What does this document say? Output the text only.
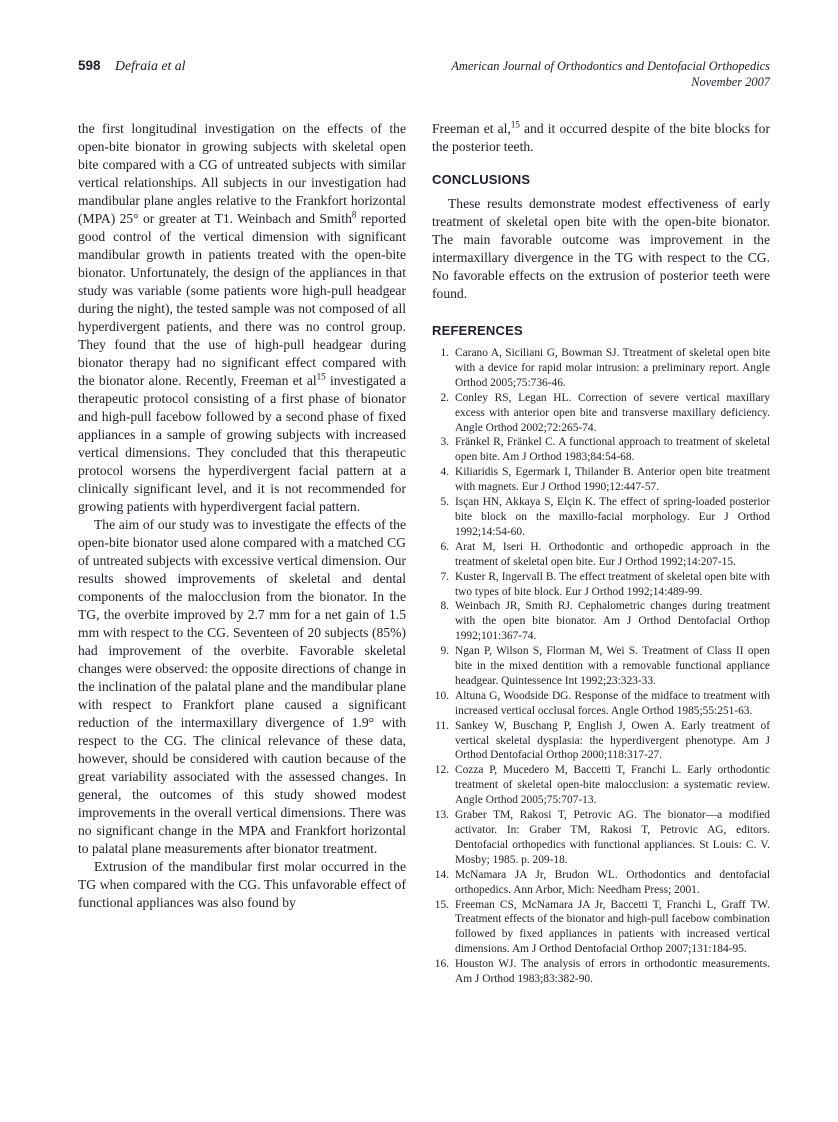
598 Defraia et al	American Journal of Orthodontics and Dentofacial Orthopedics
November 2007

the first longitudinal investigation on the effects of the open-bite bionator in growing subjects with skeletal open bite compared with a CG of untreated subjects with similar vertical relationships. All subjects in our investigation had mandibular plane angles relative to the Frankfort horizontal (MPA) 25° or greater at T1. Weinbach and Smith$^8$ reported good control of the vertical dimension with significant mandibular growth in patients treated with the open-bite bionator. Unfortunately, the design of the appliances in that study was variable (some patients wore high-pull headgear during the night), the tested sample was not composed of all hyperdivergent patients, and there was no control group. They found that the use of high-pull headgear during bionator therapy had no significant effect compared with the bionator alone. Recently, Freeman et $al^{15}$ investigated a therapeutic protocol consisting of a first phase of bionator and high-pull facebow followed by a second phase of fixed appliances in a sample of growing subjects with increased vertical dimensions. They concluded that this therapeutic protocol worsens the hyperdivergent facial pattern at a clinically significant level, and it is not recommended for growing patients with hyperdivergent facial pattern.

The aim of our study was to investigate the effects of the open-bite bionator used alone compared with a matched CG of untreated subjects with excessive vertical dimension. Our results showed improvements of skeletal and dental components of the malocclusion from the bionator. In the TG, the overbite improved by 2.7 mm for a net gain of 1.5 mm with respect to the CG. Seventeen of 20 subjects (85%) had improvement of the overbite. Favorable skeletal changes were observed: the opposite directions of change in the inclination of the palatal plane and the mandibular plane with respect to Frankfort plane caused a significant reduction of the intermaxillary divergence of 1.9° with respect to the CG. The clinical relevance of these data, however, should be considered with caution because of the great variability associated with the assessed changes. In general, the outcomes of this study showed modest improvements in the overall vertical dimensions. There was no significant change in the MPA and Frankfort horizontal to palatal plane measurements after bionator treatment.

Extrusion of the mandibular first molar occurred in the TG when compared with the CG. This unfavorable effect of functional appliances was also found by

Freeman et al,$^{15}$ and it occurred despite of the bite blocks for the posterior teeth.

CONCLUSIONS

These results demonstrate modest effectiveness of early treatment of skeletal open bite with the open-bite bionator. The main favorable outcome was improvement in the intermaxillary divergence in the TG with respect to the CG. No favorable effects on the extrusion of posterior teeth were found.

REFERENCES
1. Carano A, Siciliani G, Bowman SJ. Ttreatment of skeletal open bite with a device for rapid molar intrusion: a preliminary report. Angle Orthod 2005;75:736-46.
2. Conley RS, Legan HL. Correction of severe vertical maxillary excess with anterior open bite and transverse maxillary deficiency. Angle Orthod 2002;72:265-74.
3. Fränkel R, Fränkel C. A functional approach to treatment of skeletal open bite. Am J Orthod 1983;84:54-68.
4. Kiliaridis S, Egermark I, Thilander B. Anterior open bite treatment with magnets. Eur J Orthod 1990;12:447-57.
5. Isçan HN, Akkaya S, Elçin K. The effect of spring-loaded posterior bite block on the maxillo-facial morphology. Eur J Orthod 1992;14:54-60.
6. Arat M, Iseri H. Orthodontic and orthopedic approach in the treatment of skeletal open bite. Eur J Orthod 1992;14:207-15.
7. Kuster R, Ingervall B. The effect treatment of skeletal open bite with two types of bite block. Eur J Orthod 1992;14:489-99.
8. Weinbach JR, Smith RJ. Cephalometric changes during treatment with the open bite bionator. Am J Orthod Dentofacial Orthop 1992;101:367-74.
9. Ngan P, Wilson S, Florman M, Wei S. Treatment of Class II open bite in the mixed dentition with a removable functional appliance headgear. Quintessence Int 1992;23:323-33.
10. Altuna G, Woodside DG. Response of the midface to treatment with increased vertical occlusal forces. Angle Orthod 1985;55:251-63.
11. Sankey W, Buschang P, English J, Owen A. Early treatment of vertical skeletal dysplasia: the hyperdivergent phenotype. Am J Orthod Dentofacial Orthop 2000;118:317-27.
12. Cozza P, Mucedero M, Baccetti T, Franchi L. Early orthodontic treatment of skeletal open-bite malocclusion: a systematic review. Angle Orthod 2005;75:707-13.
13. Graber TM, Rakosi T, Petrovic AG. The bionator—a modified activator. In: Graber TM, Rakosi T, Petrovic AG, editors. Dentofacial orthopedics with functional appliances. St Louis: C. V. Mosby; 1985. p. 209-18.
14. McNamara JA Jr, Brudon WL. Orthodontics and dentofacial orthopedics. Ann Arbor, Mich: Needham Press; 2001.
15. Freeman CS, McNamara JA Jr, Baccetti T, Franchi L, Graff TW. Treatment effects of the bionator and high-pull facebow combination followed by fixed appliances in patients with increased vertical dimensions. Am J Orthod Dentofacial Orthop 2007;131:184-95.
16. Houston WJ. The analysis of errors in orthodontic measurements. Am J Orthod 1983;83:382-90.
